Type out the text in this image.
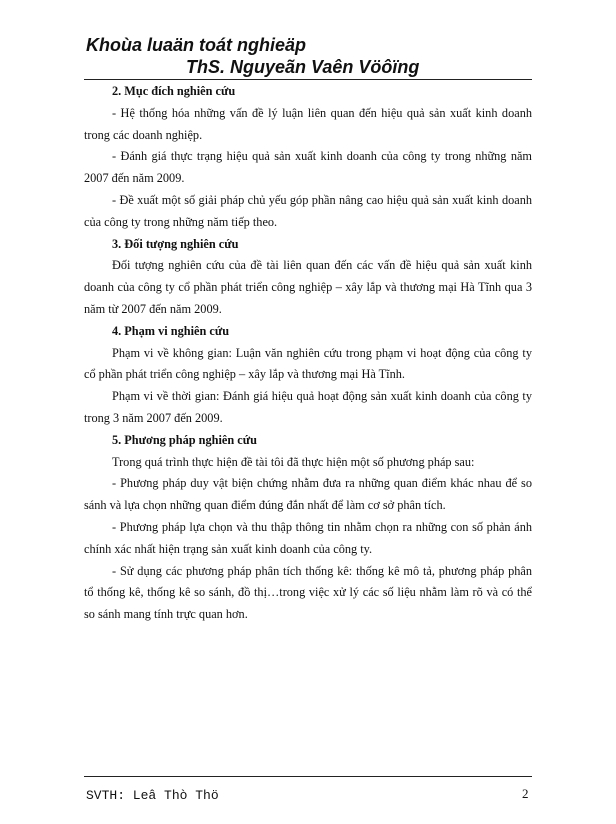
Khoùa luaän toát nghieäp
ThS. Nguyeãn Vaên Vöôïng

2. Mục đích nghiên cứu

- Hệ thống hóa những vấn đề lý luận liên quan đến hiệu quả sản xuất kinh doanh trong các doanh nghiệp.

- Đánh giá thực trạng hiệu quả sản xuất kinh doanh của công ty trong những năm 2007 đến năm 2009.

- Đề xuất một số giải pháp chủ yếu góp phần nâng cao hiệu quả sản xuất kinh doanh của công ty trong những năm tiếp theo.

3. Đối tượng nghiên cứu

Đối tượng nghiên cứu của đề tài liên quan đến các vấn đề hiệu quả sản xuất kinh doanh của công ty cổ phần phát triển công nghiệp – xây lắp và thương mại Hà Tĩnh qua 3 năm từ 2007 đến năm 2009.

4. Phạm vi nghiên cứu

Phạm vi về không gian: Luận văn nghiên cứu trong phạm vi hoạt động của công ty cổ phần phát triển công nghiệp – xây lắp và thương mại Hà Tĩnh.

Phạm vi về thời gian: Đánh giá hiệu quả hoạt động sản xuất kinh doanh của công ty trong 3 năm 2007 đến 2009.

5. Phương pháp nghiên cứu

Trong quá trình thực hiện đề tài tôi đã thực hiện một số phương pháp sau:

- Phương pháp duy vật biện chứng nhằm đưa ra những quan điểm khác nhau để so sánh và lựa chọn những quan điểm đúng đắn nhất để làm cơ sở phân tích.

- Phương pháp lựa chọn và thu thập thông tin nhằm chọn ra những con số phản ánh chính xác nhất hiện trạng sản xuất kinh doanh của công ty.

- Sử dụng các phương pháp phân tích thống kê: thống kê mô tả, phương pháp phân tổ thống kê, thống kê so sánh, đồ thị…trong việc xử lý các số liệu nhằm làm rõ và có thể so sánh mang tính trực quan hơn.

SVTH: Leâ Thò Thö	2
